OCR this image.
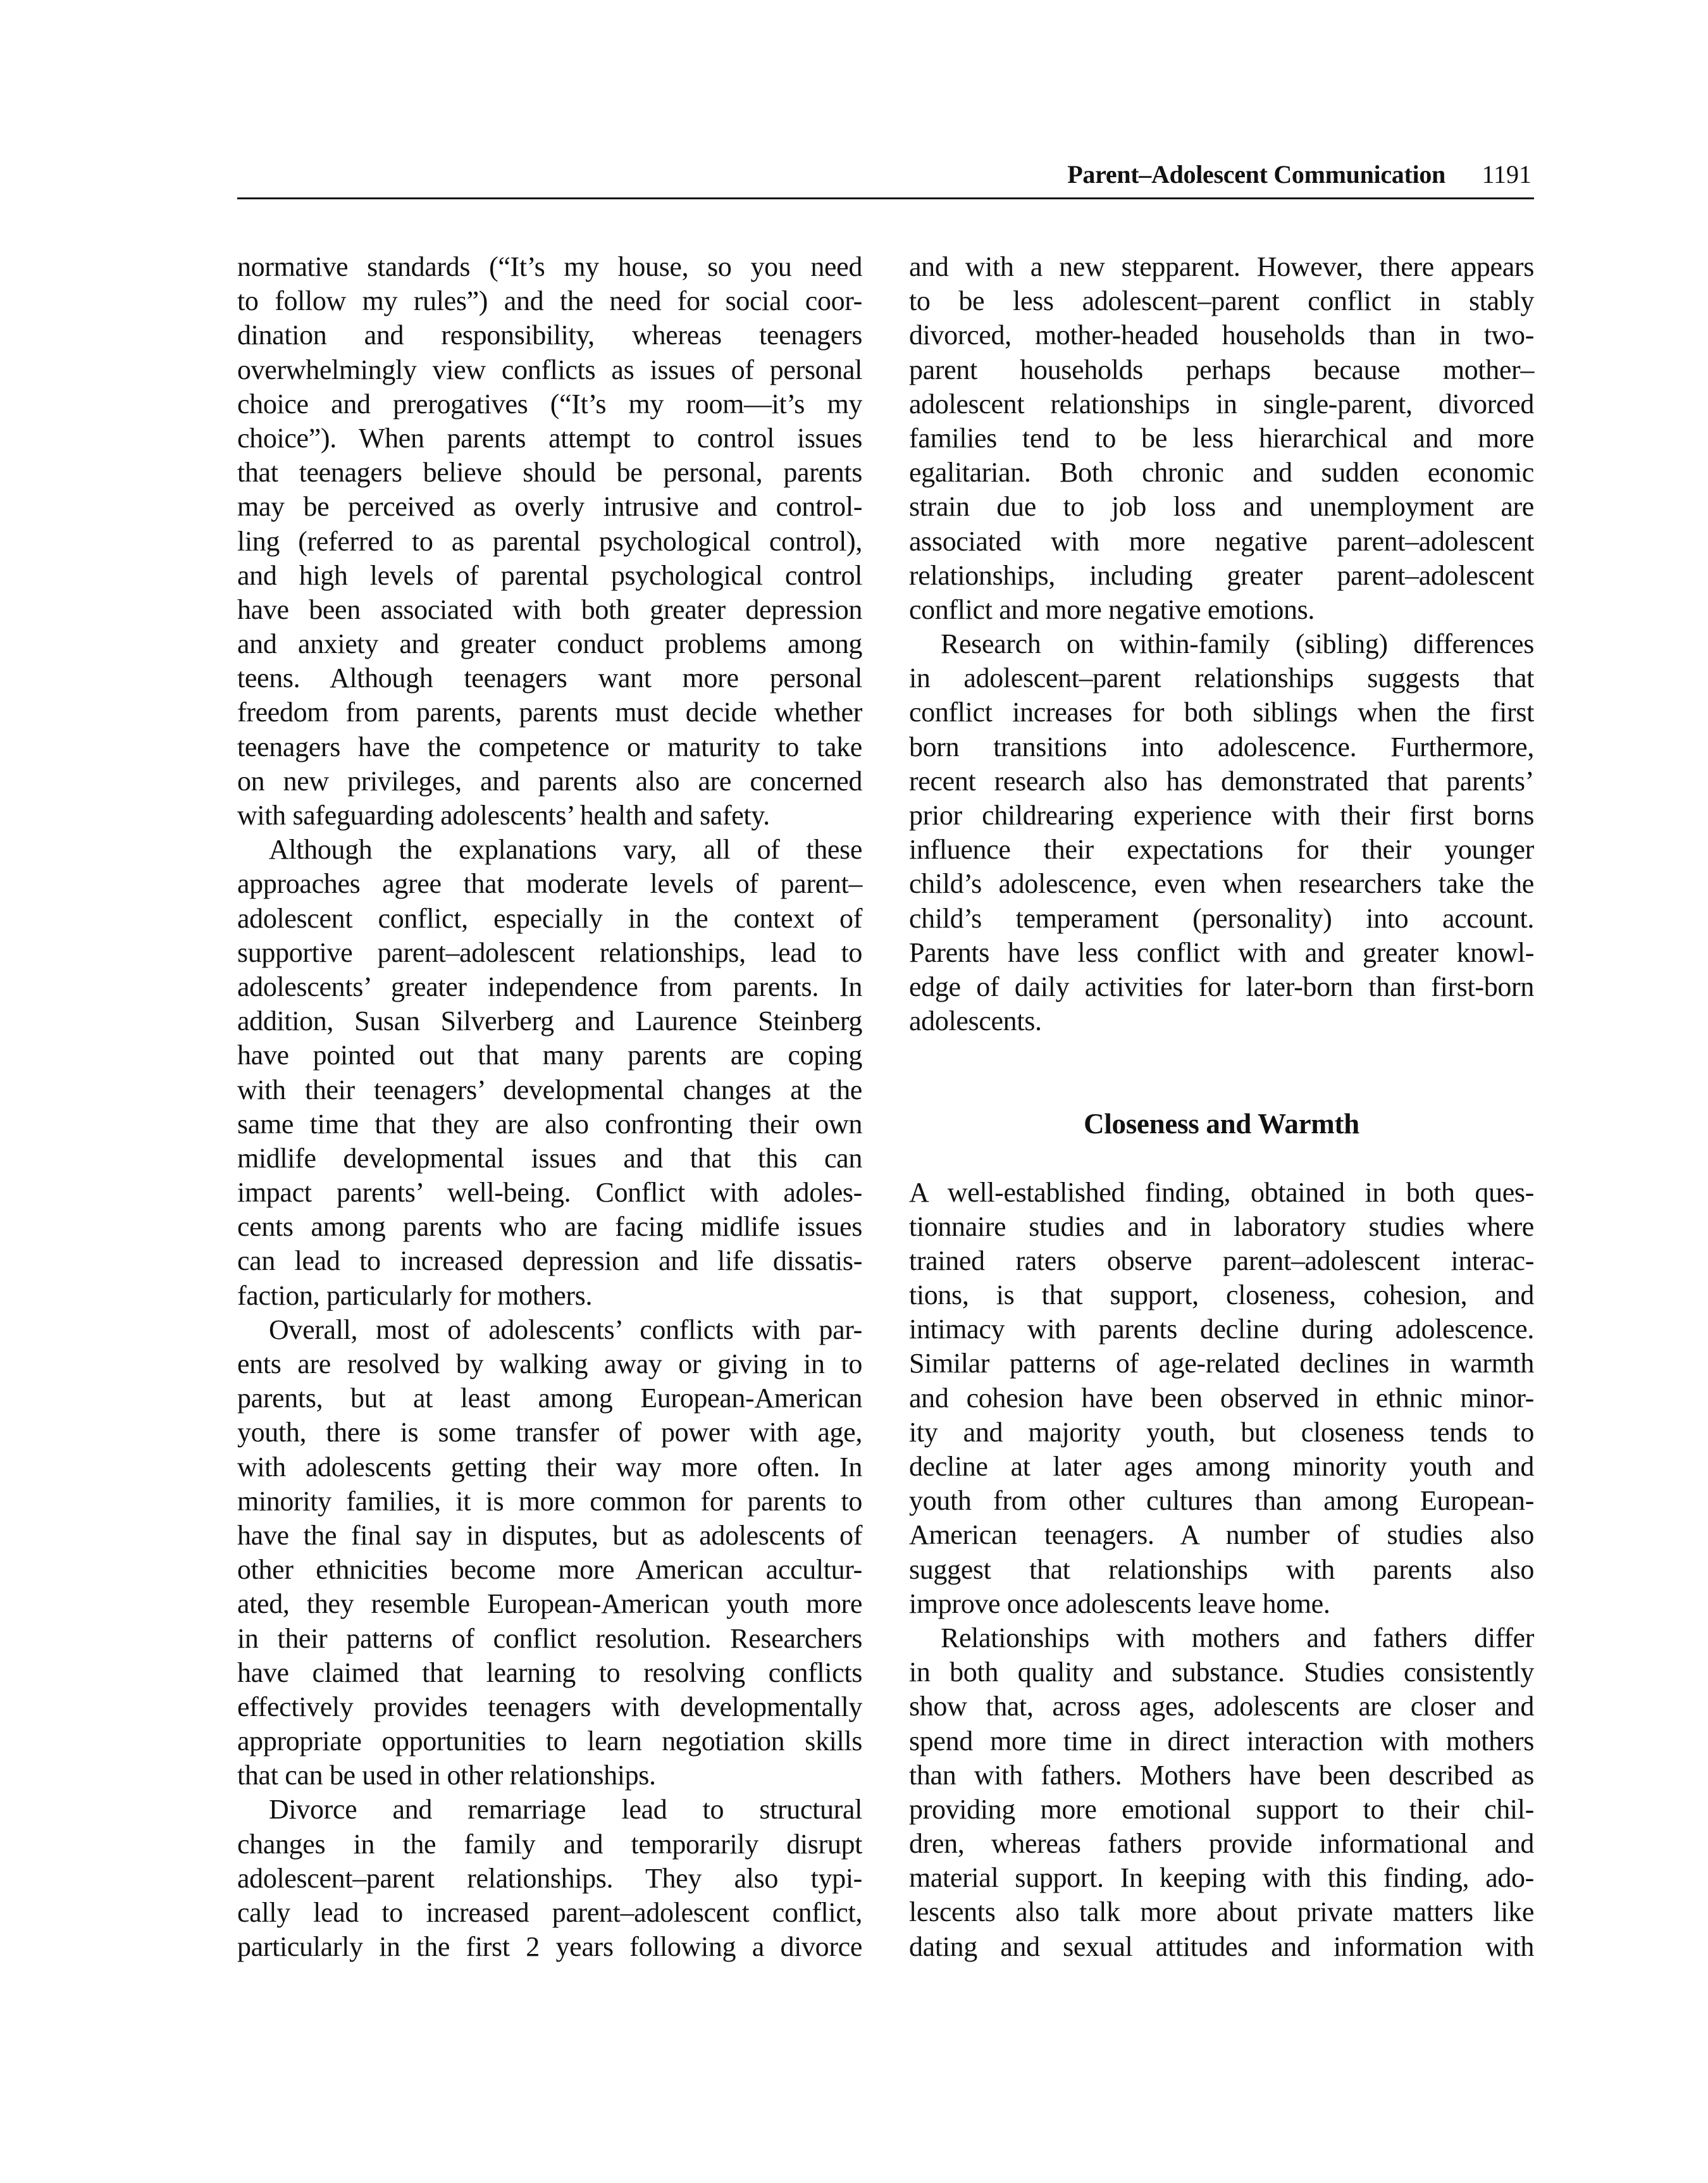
Parent–Adolescent Communication 1191
normative standards (“It’s my house, so you need
to follow my rules”) and the need for social coor-
dination and responsibility, whereas teenagers
overwhelmingly view conflicts as issues of personal
choice and prerogatives (“It’s my room—it’s my
choice”). When parents attempt to control issues
that teenagers believe should be personal, parents
may be perceived as overly intrusive and control-
ling (referred to as parental psychological control),
and high levels of parental psychological control
have been associated with both greater depression
and anxiety and greater conduct problems among
teens. Although teenagers want more personal
freedom from parents, parents must decide whether
teenagers have the competence or maturity to take
on new privileges, and parents also are concerned
with safeguarding adolescents’ health and safety.
Although the explanations vary, all of these
approaches agree that moderate levels of parent–
adolescent conflict, especially in the context of
supportive parent–adolescent relationships, lead to
adolescents’ greater independence from parents. In
addition, Susan Silverberg and Laurence Steinberg
have pointed out that many parents are coping
with their teenagers’ developmental changes at the
same time that they are also confronting their own
midlife developmental issues and that this can
impact parents’ well-being. Conflict with adoles-
cents among parents who are facing midlife issues
can lead to increased depression and life dissatis-
faction, particularly for mothers.
Overall, most of adolescents’ conflicts with par-
ents are resolved by walking away or giving in to
parents, but at least among European-American
youth, there is some transfer of power with age,
with adolescents getting their way more often. In
minority families, it is more common for parents to
have the final say in disputes, but as adolescents of
other ethnicities become more American accultur-
ated, they resemble European-American youth more
in their patterns of conflict resolution. Researchers
have claimed that learning to resolving conflicts
effectively provides teenagers with developmentally
appropriate opportunities to learn negotiation skills
that can be used in other relationships.
Divorce and remarriage lead to structural
changes in the family and temporarily disrupt
adolescent–parent relationships. They also typi-
cally lead to increased parent–adolescent conflict,
particularly in the first 2 years following a divorce
and with a new stepparent. However, there appears
to be less adolescent–parent conflict in stably
divorced, mother-headed households than in two-
parent households perhaps because mother–
adolescent relationships in single-parent, divorced
families tend to be less hierarchical and more
egalitarian. Both chronic and sudden economic
strain due to job loss and unemployment are
associated with more negative parent–adolescent
relationships, including greater parent–adolescent
conflict and more negative emotions.
Research on within-family (sibling) differences
in adolescent–parent relationships suggests that
conflict increases for both siblings when the first
born transitions into adolescence. Furthermore,
recent research also has demonstrated that parents’
prior childrearing experience with their first borns
influence their expectations for their younger
child’s adolescence, even when researchers take the
child’s temperament (personality) into account.
Parents have less conflict with and greater knowl-
edge of daily activities for later-born than first-born
adolescents.
Closeness and Warmth
A well-established finding, obtained in both ques-
tionnaire studies and in laboratory studies where
trained raters observe parent–adolescent interac-
tions, is that support, closeness, cohesion, and
intimacy with parents decline during adolescence.
Similar patterns of age-related declines in warmth
and cohesion have been observed in ethnic minor-
ity and majority youth, but closeness tends to
decline at later ages among minority youth and
youth from other cultures than among European-
American teenagers. A number of studies also
suggest that relationships with parents also
improve once adolescents leave home.
Relationships with mothers and fathers differ
in both quality and substance. Studies consistently
show that, across ages, adolescents are closer and
spend more time in direct interaction with mothers
than with fathers. Mothers have been described as
providing more emotional support to their chil-
dren, whereas fathers provide informational and
material support. In keeping with this finding, ado-
lescents also talk more about private matters like
dating and sexual attitudes and information with
